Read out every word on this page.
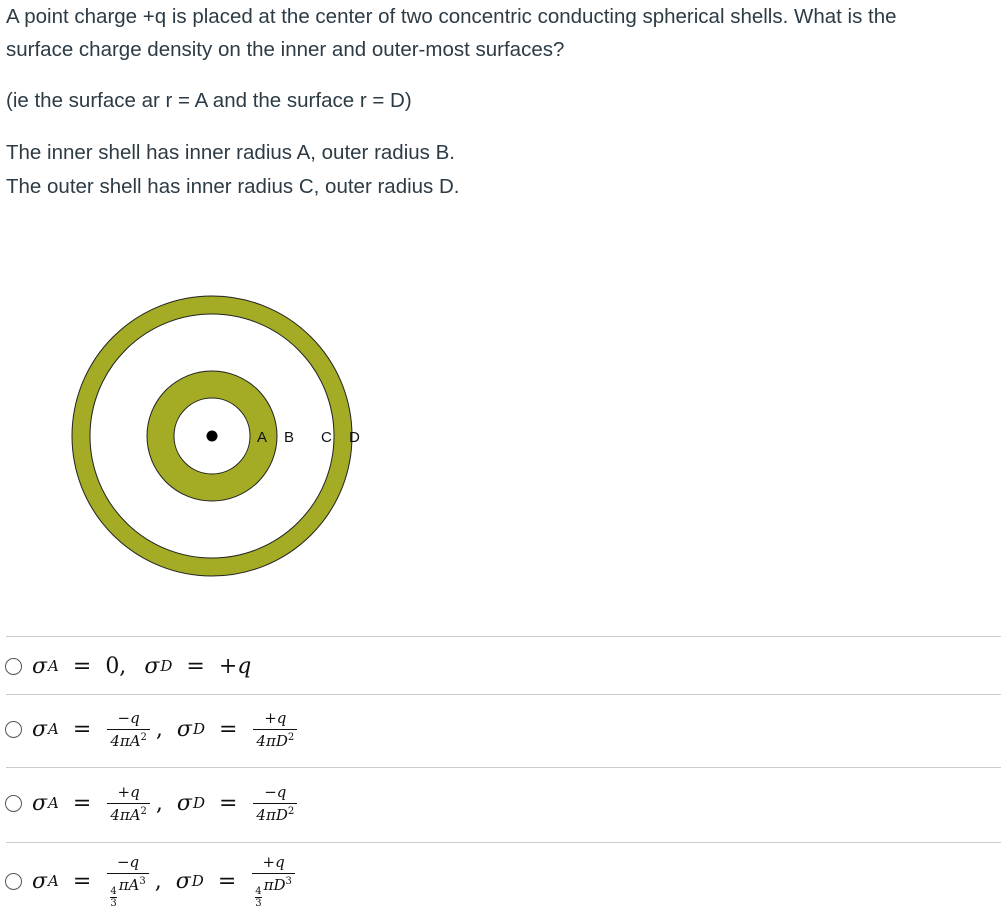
A point charge +q is placed at the center of two concentric conducting spherical shells. What is the

surface charge density on the inner and outer-most surfaces?

(ie the surface ar r = A and the surface r = D)

The inner shell has inner radius A, outer radius B.

The outer shell has inner radius C, outer radius D.

A B C D
σ A = 0, σ D = +q
σ $A = \frac{-q}{4\pi A^2}$ , σ $D = \frac{+q}{4\pi D^2}$
σ $A = \frac{+q}{4\pi A^2}$ , σ $D = \frac{-q}{4\pi D^2}$
σ A = −q
$\frac{4}{3}$
$\pi A^3$ , σ D = +q
$\frac{4}{3}$
$\pi D^3$
